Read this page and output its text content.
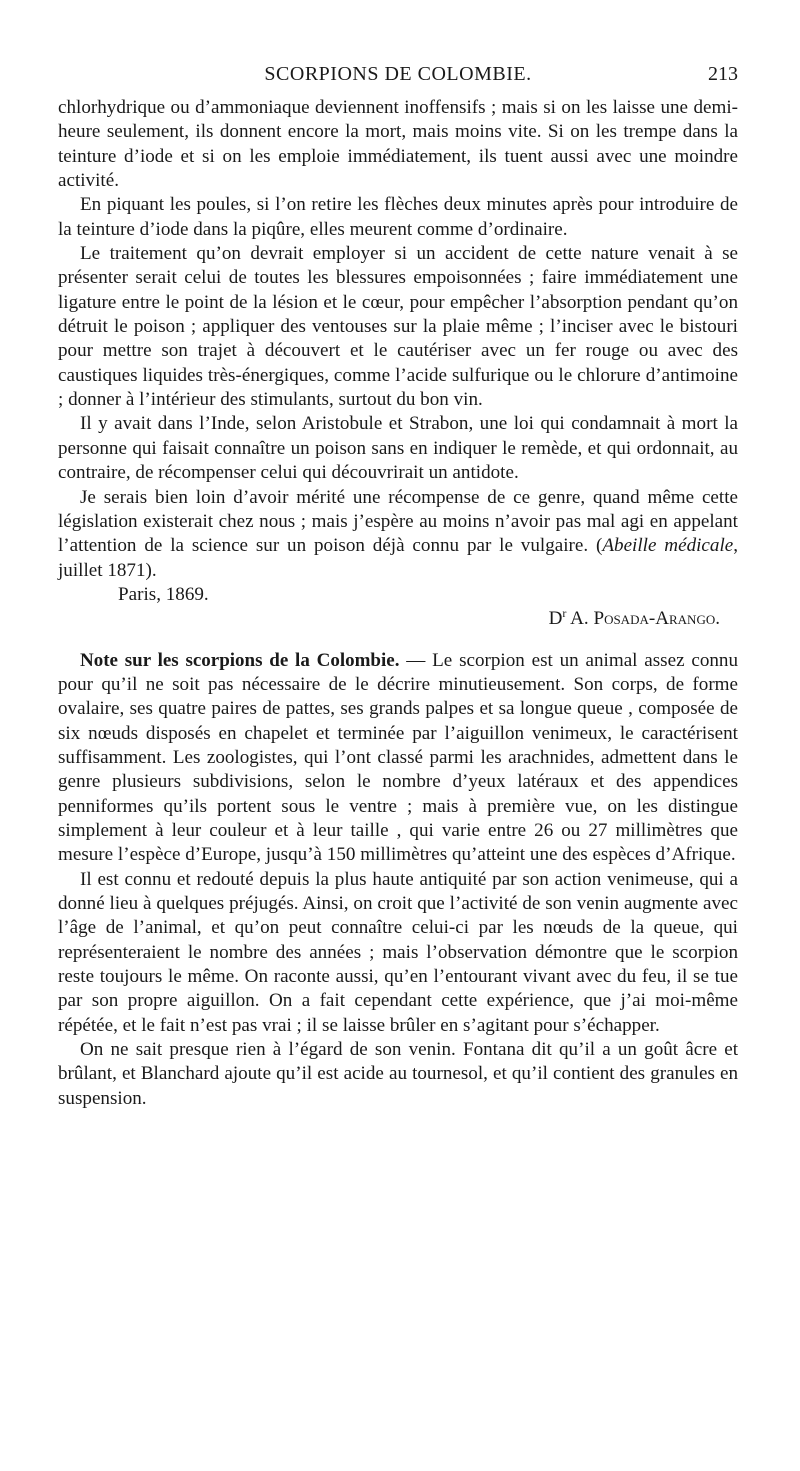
SCORPIONS DE COLOMBIE.	213

chlorhydrique ou d’ammoniaque deviennent inoffensifs ; mais si on les laisse une demi-heure seulement, ils donnent encore la mort, mais moins vite. Si on les trempe dans la teinture d’iode et si on les emploie immédiatement, ils tuent aussi avec une moindre activité.

En piquant les poules, si l’on retire les flèches deux minutes après pour introduire de la teinture d’iode dans la piqûre, elles meurent comme d’ordinaire.

Le traitement qu’on devrait employer si un accident de cette nature venait à se présenter serait celui de toutes les blessures empoisonnées ; faire immédiatement une ligature entre le point de la lésion et le cœur, pour empêcher l’absorption pendant qu’on détruit le poison ; appliquer des ventouses sur la plaie même ; l’inciser avec le bistouri pour mettre son trajet à découvert et le cautériser avec un fer rouge ou avec des caustiques liquides très-énergiques, comme l’acide sulfurique ou le chlorure d’antimoine ; donner à l’intérieur des stimulants, surtout du bon vin.

Il y avait dans l’Inde, selon Aristobule et Strabon, une loi qui condamnait à mort la personne qui faisait connaître un poison sans en indiquer le remède, et qui ordonnait, au contraire, de récompenser celui qui découvrirait un antidote.

Je serais bien loin d’avoir mérité une récompense de ce genre, quand même cette législation existerait chez nous ; mais j’espère au moins n’avoir pas mal agi en appelant l’attention de la science sur un poison déjà connu par le vulgaire. (Abeille médicale, juillet 1871).

Paris, 1869.

$D^r$ A. Posada-Arango.

Note sur les scorpions de la Colombie. — Le scorpion est un animal assez connu pour qu’il ne soit pas nécessaire de le décrire minutieusement. Son corps, de forme ovalaire, ses quatre paires de pattes, ses grands palpes et sa longue queue , composée de six nœuds disposés en chapelet et terminée par l’aiguillon venimeux, le caractérisent suffisamment. Les zoologistes, qui l’ont classé parmi les arachnides, admettent dans le genre plusieurs subdivisions, selon le nombre d’yeux latéraux et des appendices penniformes qu’ils portent sous le ventre ; mais à première vue, on les distingue simplement à leur couleur et à leur taille , qui varie entre 26 ou 27 millimètres que mesure l’espèce d’Europe, jusqu’à 150 millimètres qu’atteint une des espèces d’Afrique.

Il est connu et redouté depuis la plus haute antiquité par son action venimeuse, qui a donné lieu à quelques préjugés. Ainsi, on croit que l’activité de son venin augmente avec l’âge de l’animal, et qu’on peut connaître celui-ci par les nœuds de la queue, qui représenteraient le nombre des années ; mais l’observation démontre que le scorpion reste toujours le même. On raconte aussi, qu’en l’entourant vivant avec du feu, il se tue par son propre aiguillon. On a fait cependant cette expérience, que j’ai moi-même répétée, et le fait n’est pas vrai ; il se laisse brûler en s’agitant pour s’échapper.

On ne sait presque rien à l’égard de son venin. Fontana dit qu’il a un goût âcre et brûlant, et Blanchard ajoute qu’il est acide au tournesol, et qu’il contient des granules en suspension.
